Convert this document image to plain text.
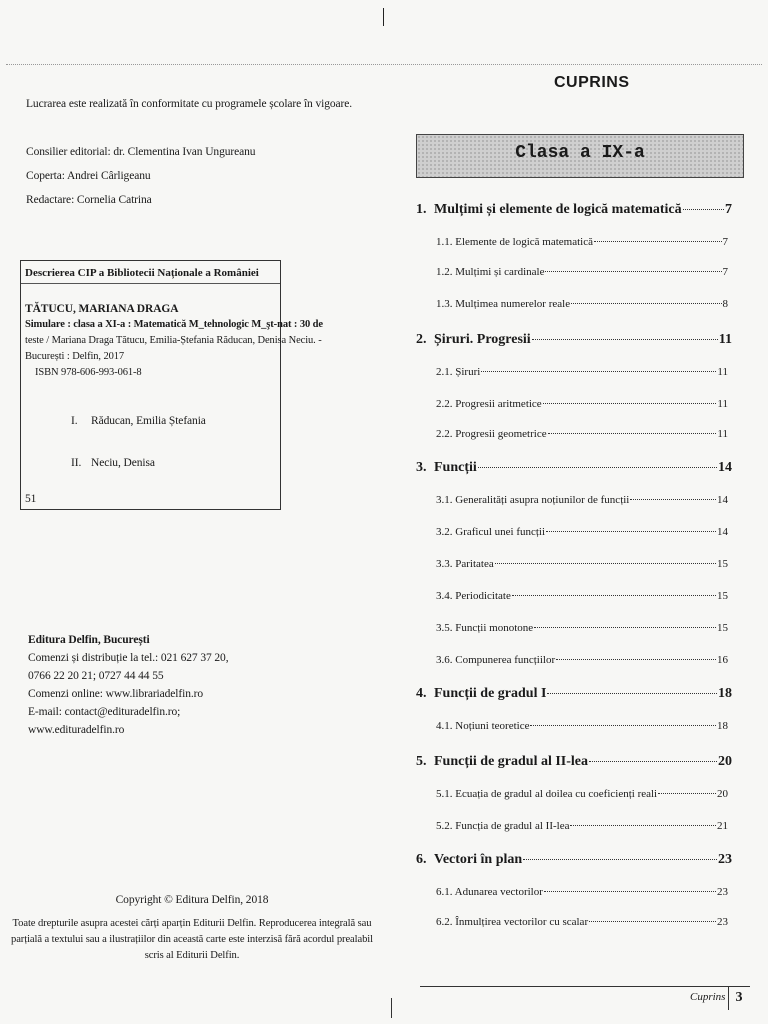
Lucrarea este realizată în conformitate cu programele școlare în vigoare.
Consilier editorial: dr. Clementina Ivan Ungureanu
Coperta: Andrei Cârligeanu
Redactare: Cornelia Catrina
Descrierea CIP a Bibliotecii Naționale a României
TĂTUCU, MARIANA DRAGA
Simulare : clasa a XI-a : Matematică M_tehnologic M_şt-nat : 30 de
teste / Mariana Draga Tătucu, Emilia-Ștefania Răducan, Denisa Neciu. -
București : Delfin, 2017
ISBN 978-606-993-061-8
I. Răducan, Emilia Ștefania
II. Neciu, Denisa
51
Editura Delfin, București
Comenzi și distribuție la tel.: 021 627 37 20,
0766 22 20 21; 0727 44 44 55
Comenzi online: www.librariadelfin.ro
E-mail: contact@edituradelfin.ro;
www.edituradelfin.ro
Copyright © Editura Delfin, 2018
Toate drepturile asupra acestei cărți aparțin Editurii Delfin. Reproducerea integrală sau
parțială a textului sau a ilustrațiilor din această carte este interzisă fără acordul prealabil
scris al Editurii Delfin.
CUPRINS
Clasa a IX-a
1. Mulțimi și elemente de logică matematică	7
1.1. Elemente de logică matematică	7
1.2. Mulțimi și cardinale	7
1.3. Mulțimea numerelor reale	8
2. Șiruri. Progresii	11
2.1. Șiruri	11
2.2. Progresii aritmetice	11
2.2. Progresii geometrice	11
3. Funcții	14
3.1. Generalități asupra noțiunilor de funcții	14
3.2. Graficul unei funcții	14
3.3. Paritatea	15
3.4. Periodicitate	15
3.5. Funcții monotone	15
3.6. Compunerea funcțiilor	16
4. Funcții de gradul I	18
4.1. Noțiuni teoretice	18
5. Funcții de gradul al II-lea	20
5.1. Ecuația de gradul al doilea cu coeficienți reali	20
5.2. Funcția de gradul al II-lea	21
6. Vectori în plan	23
6.1. Adunarea vectorilor	23
6.2. Înmulțirea vectorilor cu scalar	23
Cuprins 3
